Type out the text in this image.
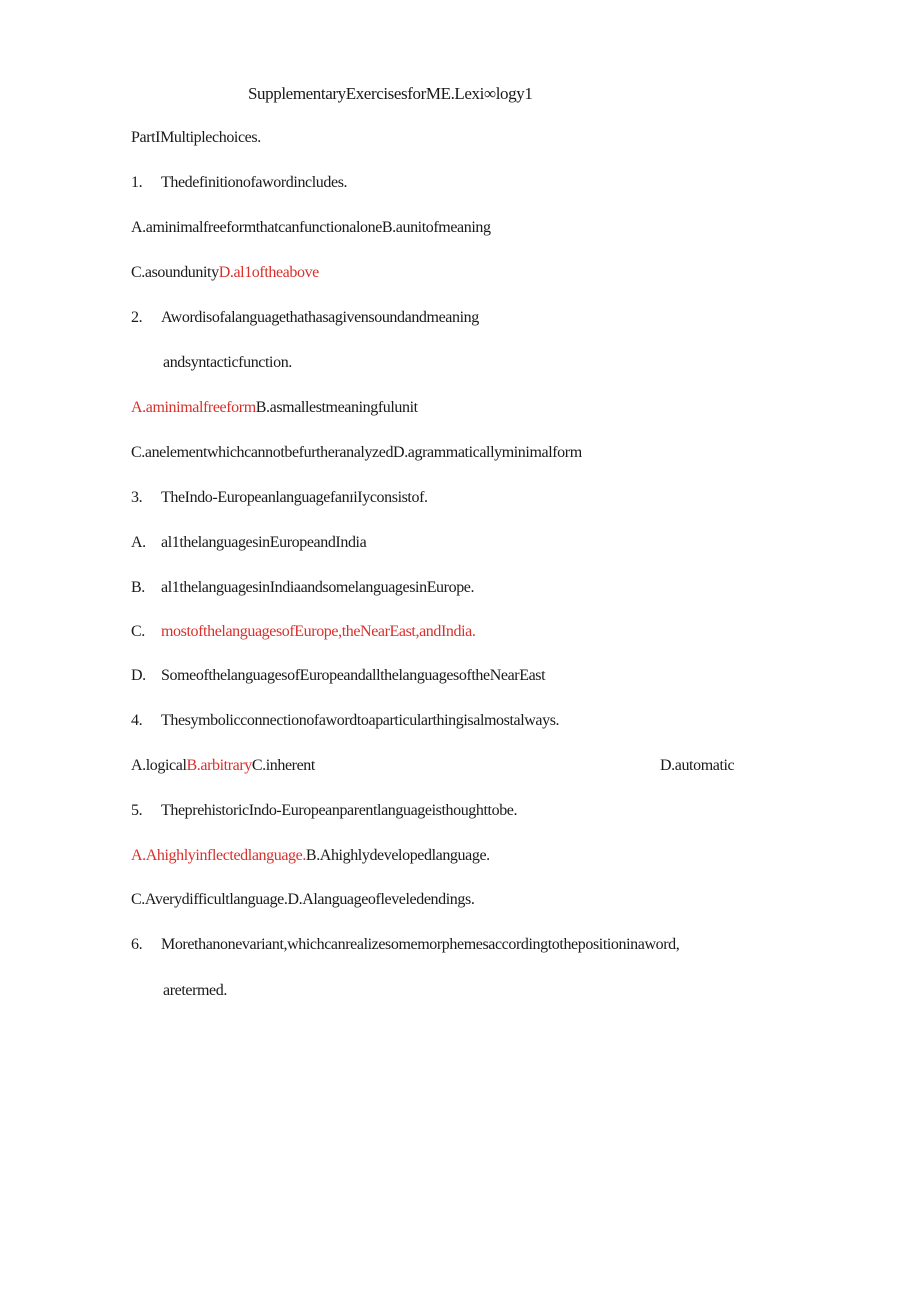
SupplementaryExercisesforME.Lexi∞logy1
PartIMultiplechoices.
1. Thedefinitionofawordincludes.
A.aminimalfreeformthatcanfunctionaloneB.aunitofmeaning
C.asoundunityD.al1oftheabove
2. Awordisofalanguagethathasagivensoundandmeaning
andsyntacticfunction.
A.aminimalfreeformB.asmallestmeaningfulunit
C.anelementwhichcannotbefurtheranalyzedD.agrammaticallyminimalform
3. TheIndo-EuropeanlanguagefanɪiIyconsistof.
A. al1thelanguagesinEuropeandIndia
B. al1thelanguagesinIndiaandsomelanguagesinEurope.
C. mostofthelanguagesofEurope,theNearEast,andIndia.
D. SomeofthelanguagesofEuropeandallthelanguagesoftheNearEast
4. Thesymbolicconnectionofawordtoaparticularthingisalmostalways.
A.logicalB.arbitraryC.inherent	D.automatic
5. TheprehistoricIndo-Europeanparentlanguageisthoughttobe.
A.Ahighlyinflectedlanguage.B.Ahighlydevelopedlanguage.
C.Averydifficultlanguage.D.Alanguageofleveledendings.
6. Morethanonevariant,whichcanrealizesomemorphemesaccordingtothepositioninaword,
aretermed.
